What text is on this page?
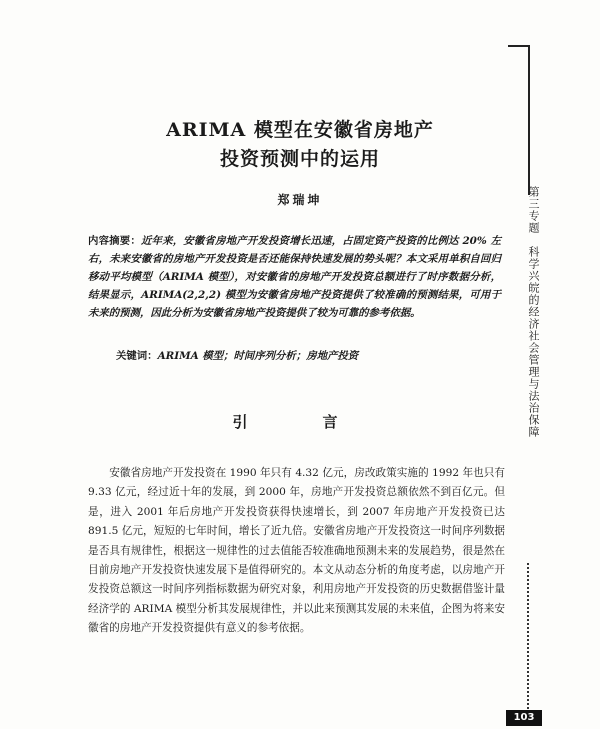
ARIMA 模型在安徽省房地产
投资预测中的运用
郑瑞坤
内容摘要：近年来，安徽省房地产开发投资增长迅速，占固定资产投资的比例达 20% 左右，未来安徽省的房地产开发投资是否还能保持快速发展的势头呢？本文采用单积自回归移动平均模型（ARIMA 模型），对安徽省的房地产开发投资总额进行了时序数据分析，结果显示，ARIMA(2,2,2) 模型为安徽省房地产投资提供了较准确的预测结果，可用于未来的预测，因此分析为安徽省房地产投资提供了较为可靠的参考依据。
关键词：ARIMA 模型；时间序列分析；房地产投资
引　言
安徽省房地产开发投资在 1990 年只有 4.32 亿元，房改政策实施的 1992 年也只有 9.33 亿元，经过近十年的发展，到 2000 年，房地产开发投资总额依然不到百亿元。但是，进入 2001 年后房地产开发投资获得快速增长，到 2007 年房地产开发投资已达 891.5 亿元，短短的七年时间，增长了近九倍。安徽省房地产开发投资这一时间序列数据是否具有规律性，根据这一规律性的过去值能否较准确地预测未来的发展趋势，很是然在目前房地产开发投资快速发展下是值得研究的。本文从动态分析的角度考虑，以房地产开发投资总额这一时间序列指标数据为研究对象，利用房地产开发投资的历史数据借鉴计量经济学的 ARIMA 模型分析其发展规律性，并以此来预测其发展的未来值，企图为将来安徽省的房地产开发投资提供有意义的参考依据。
第三专题　科学兴皖的经济社会管理与法治保障
103
